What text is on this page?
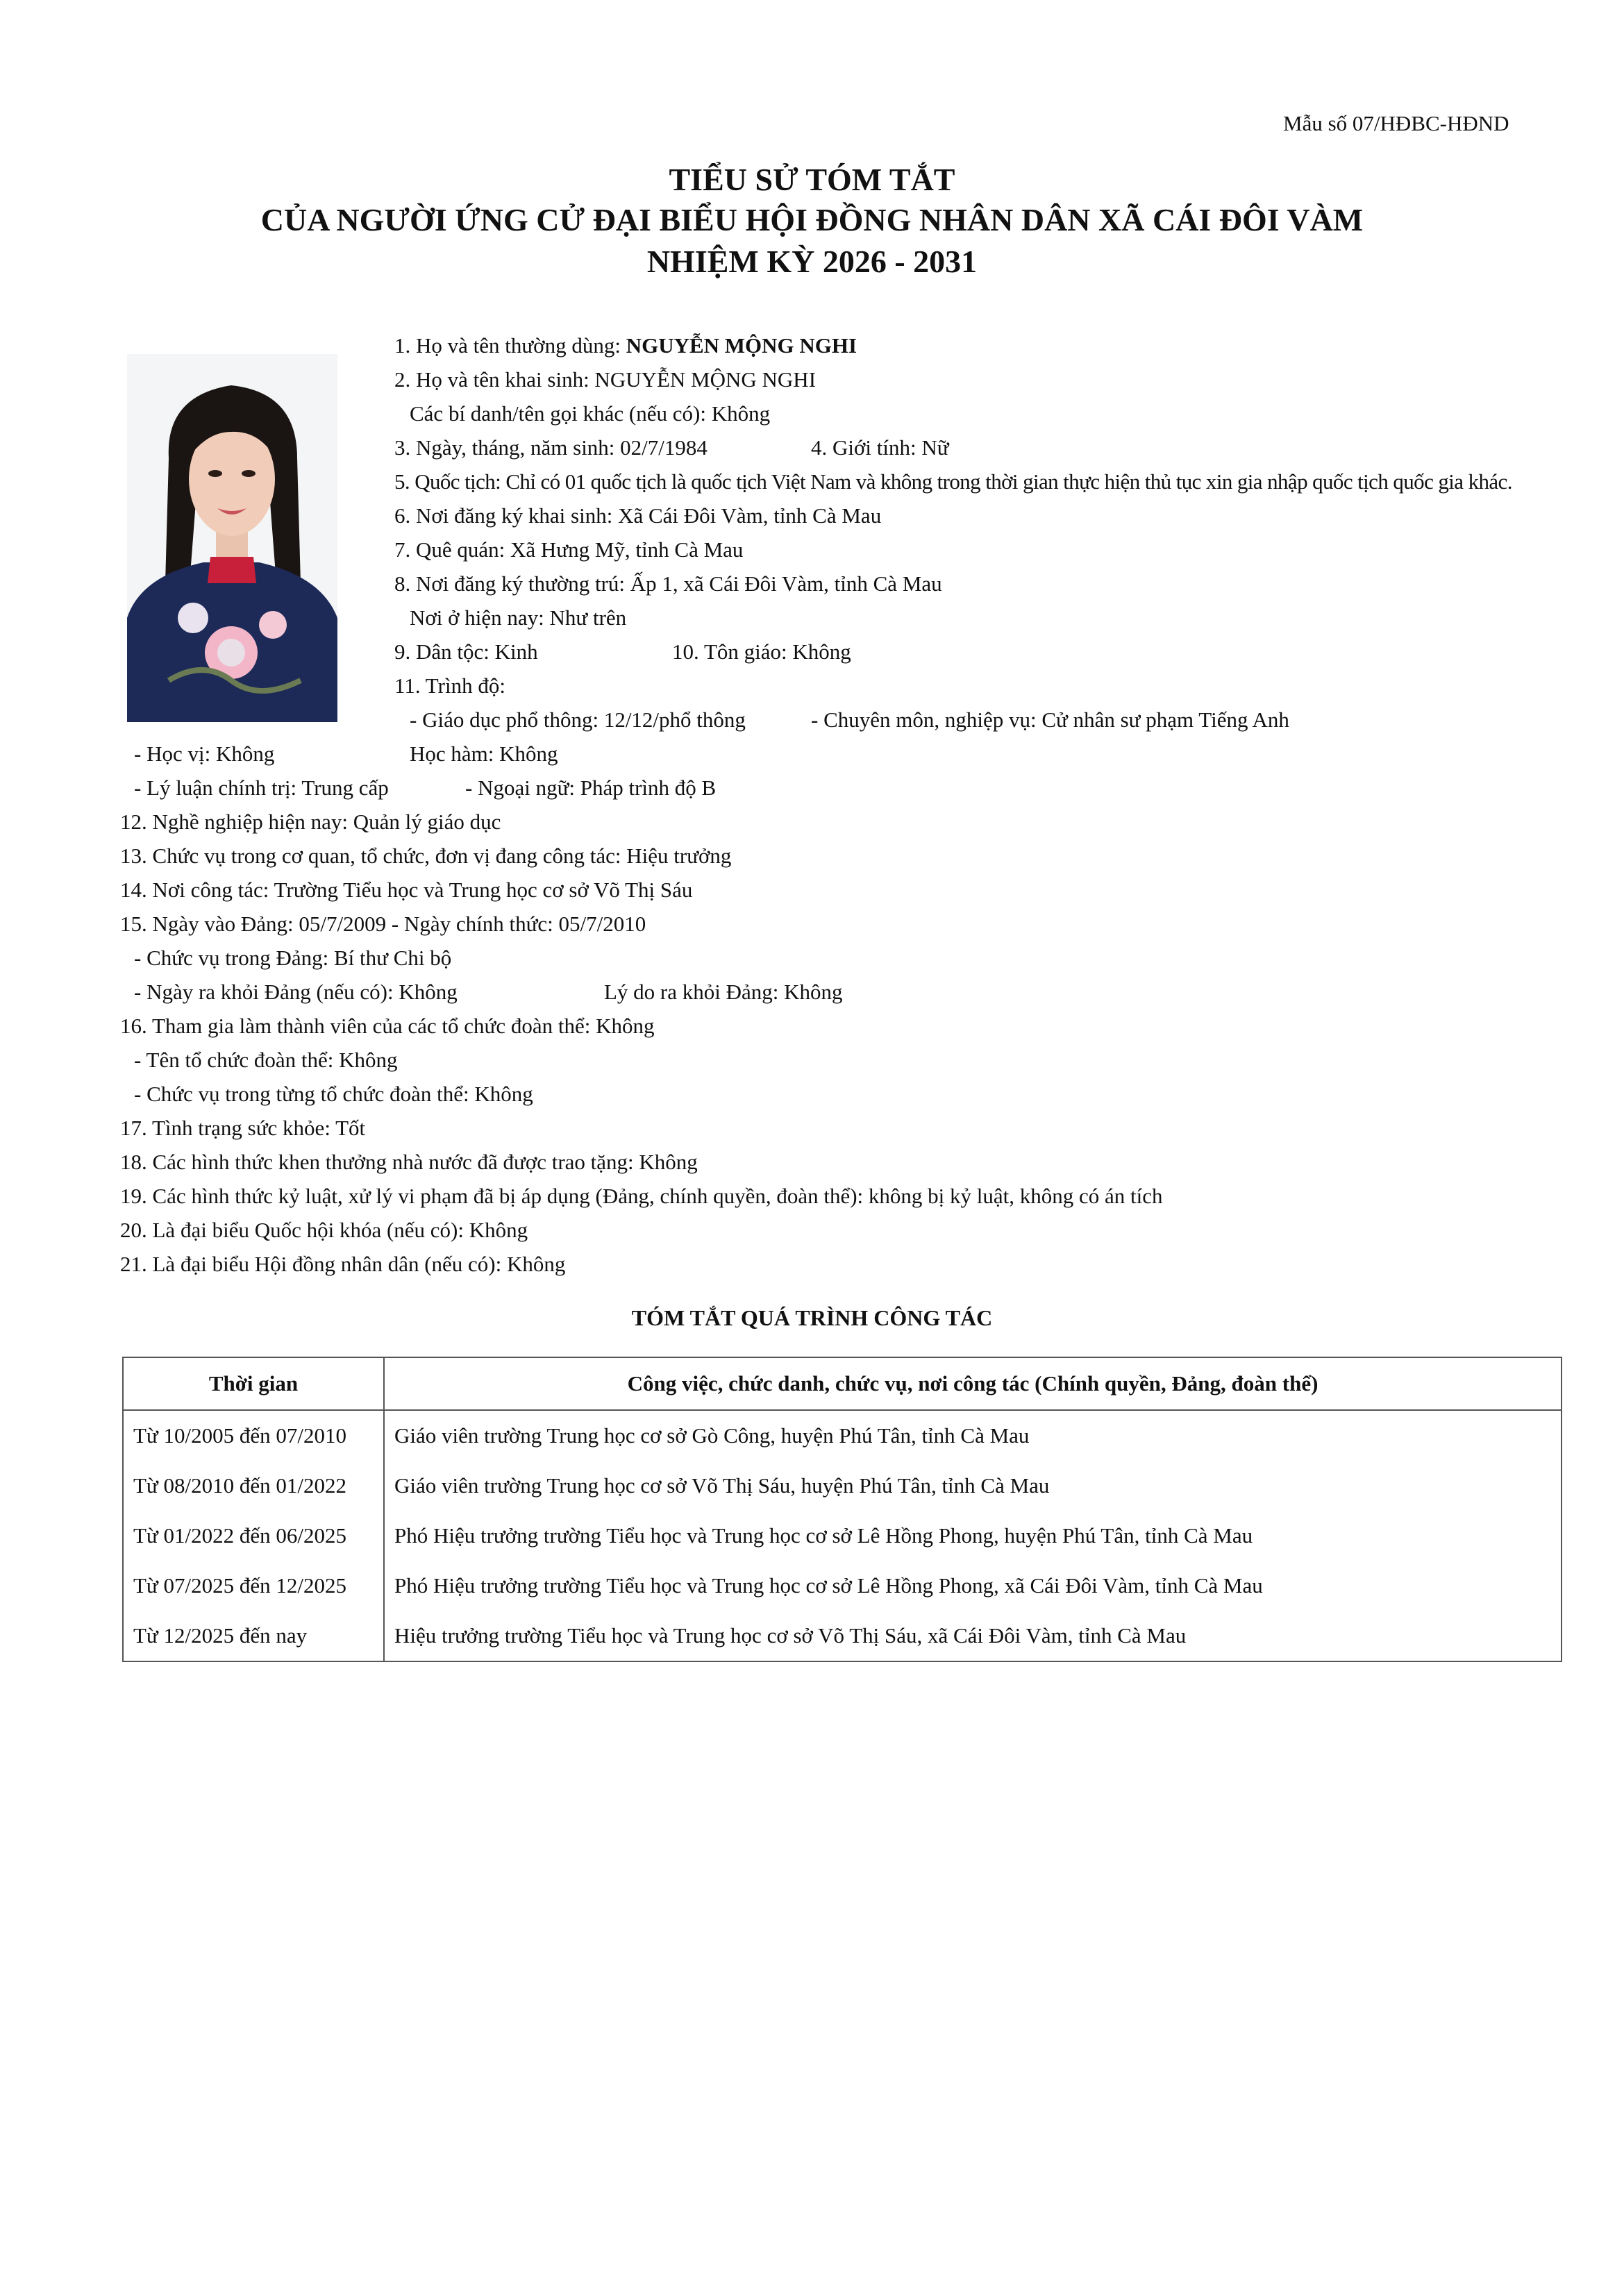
Mẫu số 07/HĐBC-HĐND
TIỂU SỬ TÓM TẮT
CỦA NGƯỜI ỨNG CỬ ĐẠI BIỂU HỘI ĐỒNG NHÂN DÂN XÃ CÁI ĐÔI VÀM
NHIỆM KỲ 2026 - 2031
1. Họ và tên thường dùng: NGUYỄN MỘNG NGHI
2. Họ và tên khai sinh: NGUYỄN MỘNG NGHI
Các bí danh/tên gọi khác (nếu có): Không
3. Ngày, tháng, năm sinh: 02/7/1984	4. Giới tính: Nữ
5. Quốc tịch: Chỉ có 01 quốc tịch là quốc tịch Việt Nam và không trong thời gian thực hiện thủ tục xin gia nhập quốc tịch quốc gia khác.
6. Nơi đăng ký khai sinh: Xã Cái Đôi Vàm, tỉnh Cà Mau
7. Quê quán: Xã Hưng Mỹ, tỉnh Cà Mau
8. Nơi đăng ký thường trú: Ấp 1, xã Cái Đôi Vàm, tỉnh Cà Mau
Nơi ở hiện nay: Như trên
9. Dân tộc: Kinh	10. Tôn giáo: Không
11. Trình độ:
- Giáo dục phổ thông: 12/12/phổ thông	- Chuyên môn, nghiệp vụ: Cử nhân sư phạm Tiếng Anh
- Học vị: Không	Học hàm: Không
- Lý luận chính trị: Trung cấp	- Ngoại ngữ: Pháp trình độ B
12. Nghề nghiệp hiện nay: Quản lý giáo dục
13. Chức vụ trong cơ quan, tổ chức, đơn vị đang công tác: Hiệu trưởng
14. Nơi công tác: Trường Tiểu học và Trung học cơ sở Võ Thị Sáu
15. Ngày vào Đảng: 05/7/2009 - Ngày chính thức: 05/7/2010
- Chức vụ trong Đảng: Bí thư Chi bộ
- Ngày ra khỏi Đảng (nếu có): Không	Lý do ra khỏi Đảng: Không
16. Tham gia làm thành viên của các tổ chức đoàn thể: Không
- Tên tổ chức đoàn thể: Không
- Chức vụ trong từng tổ chức đoàn thể: Không
17. Tình trạng sức khỏe: Tốt
18. Các hình thức khen thưởng nhà nước đã được trao tặng: Không
19. Các hình thức kỷ luật, xử lý vi phạm đã bị áp dụng (Đảng, chính quyền, đoàn thể): không bị kỷ luật, không có án tích
20. Là đại biểu Quốc hội khóa (nếu có): Không
21. Là đại biểu Hội đồng nhân dân (nếu có): Không
TÓM TẮT QUÁ TRÌNH CÔNG TÁC
Thời gian	Công việc, chức danh, chức vụ, nơi công tác (Chính quyền, Đảng, đoàn thể)
Từ 10/2005 đến 07/2010	Giáo viên trường Trung học cơ sở Gò Công, huyện Phú Tân, tỉnh Cà Mau
Từ 08/2010 đến 01/2022	Giáo viên trường Trung học cơ sở Võ Thị Sáu, huyện Phú Tân, tỉnh Cà Mau
Từ 01/2022 đến 06/2025	Phó Hiệu trưởng trường Tiểu học và Trung học cơ sở Lê Hồng Phong, huyện Phú Tân, tỉnh Cà Mau
Từ 07/2025 đến 12/2025	Phó Hiệu trưởng trường Tiểu học và Trung học cơ sở Lê Hồng Phong, xã Cái Đôi Vàm, tỉnh Cà Mau
Từ 12/2025 đến nay	Hiệu trưởng trường Tiểu học và Trung học cơ sở Võ Thị Sáu, xã Cái Đôi Vàm, tỉnh Cà Mau
